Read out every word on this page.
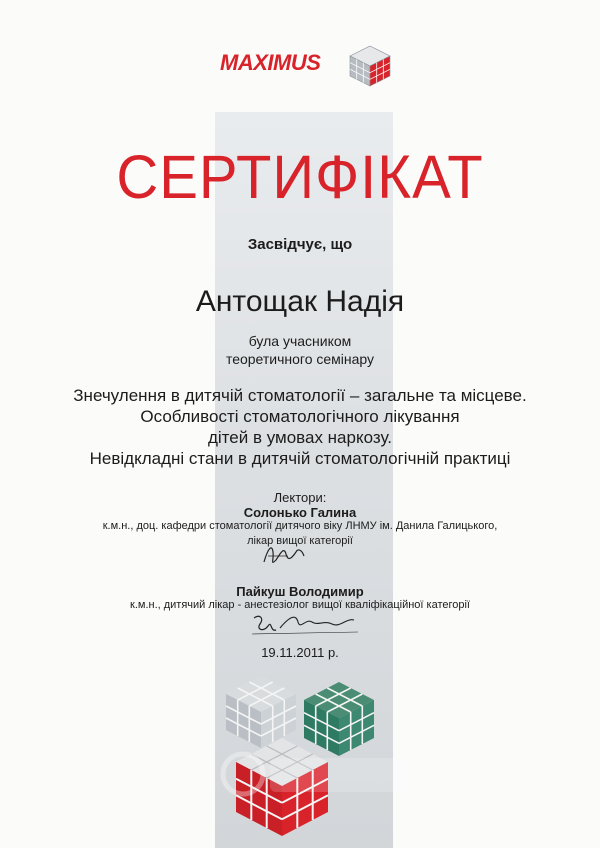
MAXIMUS
СЕРТИФІКАТ
Засвідчує, що
Антощак Надія
була учасником
теоретичного семінару
Знечулення в дитячій стоматології – загальне та місцеве.
Особливості стоматологічного лікування
дітей в умовах наркозу.
Невідкладні стани в дитячій стоматологічній практиці
Лектори:
Солонько Галина
к.м.н., доц. кафедри стоматології дитячого віку ЛНМУ ім. Данила Галицького,
лікар вищої категорії
Пайкуш Володимир
к.м.н., дитячий лікар - анестезіолог вищої кваліфікаційної категорії
19.11.2011 р.
